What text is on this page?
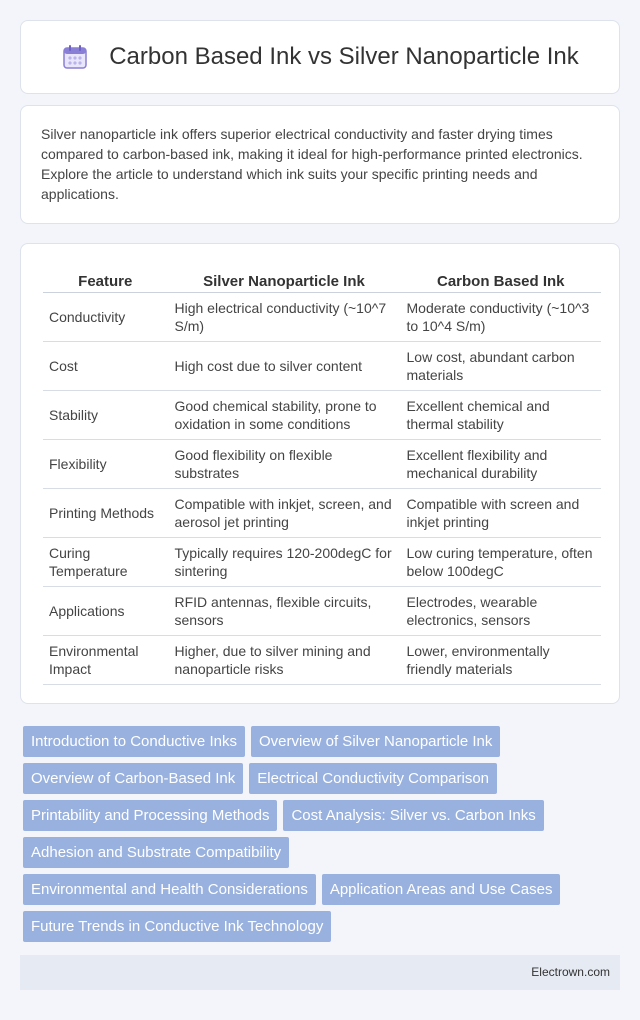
Carbon Based Ink vs Silver Nanoparticle Ink

Silver nanoparticle ink offers superior electrical conductivity and faster drying times compared to carbon-based ink, making it ideal for high-performance printed electronics. Explore the article to understand which ink suits your specific printing needs and applications.

Feature	Silver Nanoparticle Ink	Carbon Based Ink
Conductivity	High electrical conductivity (~10^7 S/m)	Moderate conductivity (~10^3 to 10^4 S/m)
Cost	High cost due to silver content	Low cost, abundant carbon materials
Stability	Good chemical stability, prone to oxidation in some conditions	Excellent chemical and thermal stability
Flexibility	Good flexibility on flexible substrates	Excellent flexibility and mechanical durability
Printing Methods	Compatible with inkjet, screen, and aerosol jet printing	Compatible with screen and inkjet printing
Curing Temperature	Typically requires 120-200degC for sintering	Low curing temperature, often below 100degC
Applications	RFID antennas, flexible circuits, sensors	Electrodes, wearable electronics, sensors
Environmental Impact	Higher, due to silver mining and nanoparticle risks	Lower, environmentally friendly materials
Introduction to Conductive Inks Overview of Silver Nanoparticle Ink
Overview of Carbon-Based Ink Electrical Conductivity Comparison
Printability and Processing Methods Cost Analysis: Silver vs. Carbon Inks
Adhesion and Substrate Compatibility
Environmental and Health Considerations Application Areas and Use Cases
Future Trends in Conductive Ink Technology
Electrown.com
